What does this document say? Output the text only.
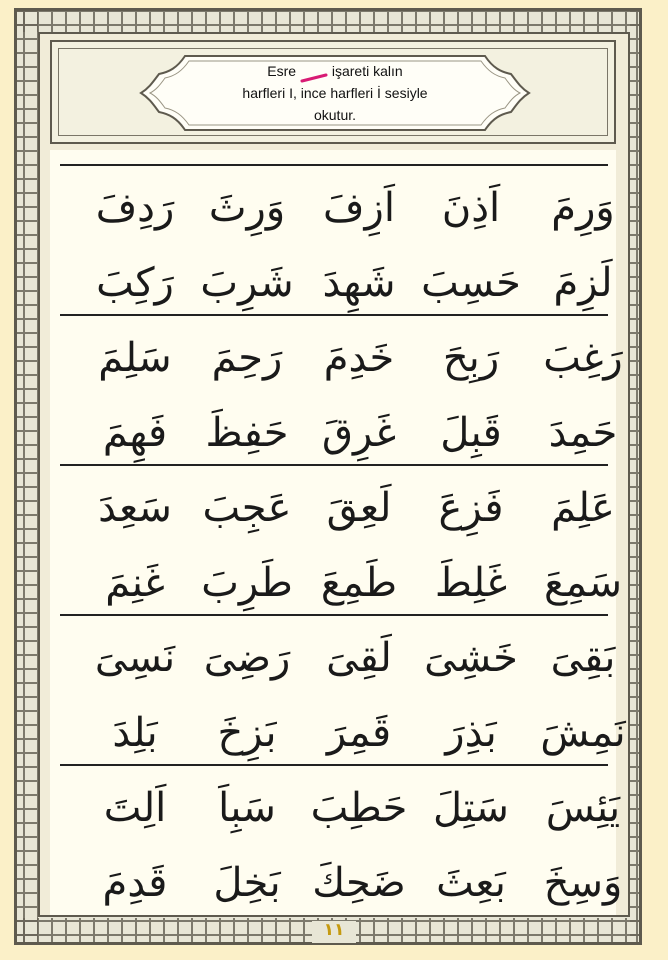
Esre	işareti kalın
harfleri I, ince harfleri İ sesiyle
okutur.
وَرِمَ
اَذِنَ
اَزِفَ
وَرِثَ
رَدِفَ
لَزِمَ
حَسِبَ
شَهِدَ
شَرِبَ
رَكِبَ
رَغِبَ
رَبِحَ
خَدِمَ
رَحِمَ
سَلِمَ
حَمِدَ
قَبِلَ
غَرِقَ
حَفِظَ
فَهِمَ
عَلِمَ
فَزِعَ
لَعِقَ
عَجِبَ
سَعِدَ
سَمِعَ
غَلِطَ
طَمِعَ
طَرِبَ
غَنِمَ
بَقِىَ
خَشِىَ
لَقِىَ
رَضِىَ
نَسِىَ
نَمِشَ
بَذِرَ
قَمِرَ
بَزِخَ
بَلِدَ
يَئِسَ
سَتِلَ
حَطِبَ
سَبِاَ
اَلِتَ
وَسِخَ
بَعِثَ
ضَحِكَ
بَخِلَ
قَدِمَ
١١
